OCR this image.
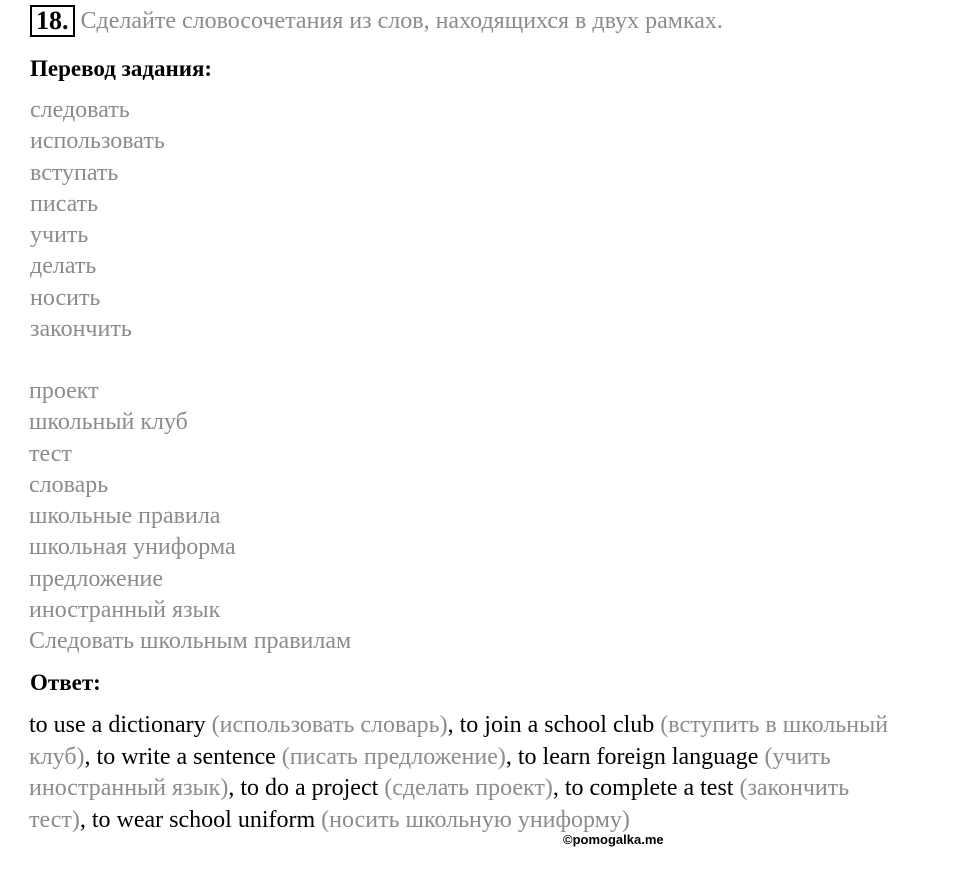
18. Сделайте словосочетания из слов, находящихся в двух рамках.
Перевод задания:
следовать
использовать
вступать
писать
учить
делать
носить
закончить
проект
школьный клуб
тест
словарь
школьные правила
школьная униформа
предложение
иностранный язык
Следовать школьным правилам
Ответ:
to use a dictionary (использовать словарь), to join a school club (вступить в школьный клуб), to write a sentence (писать предложение), to learn foreign language (учить иностранный язык), to do a project (сделать проект), to complete a test (закончить тест), to wear school uniform (носить школьную униформу)
©pomogalka.me
